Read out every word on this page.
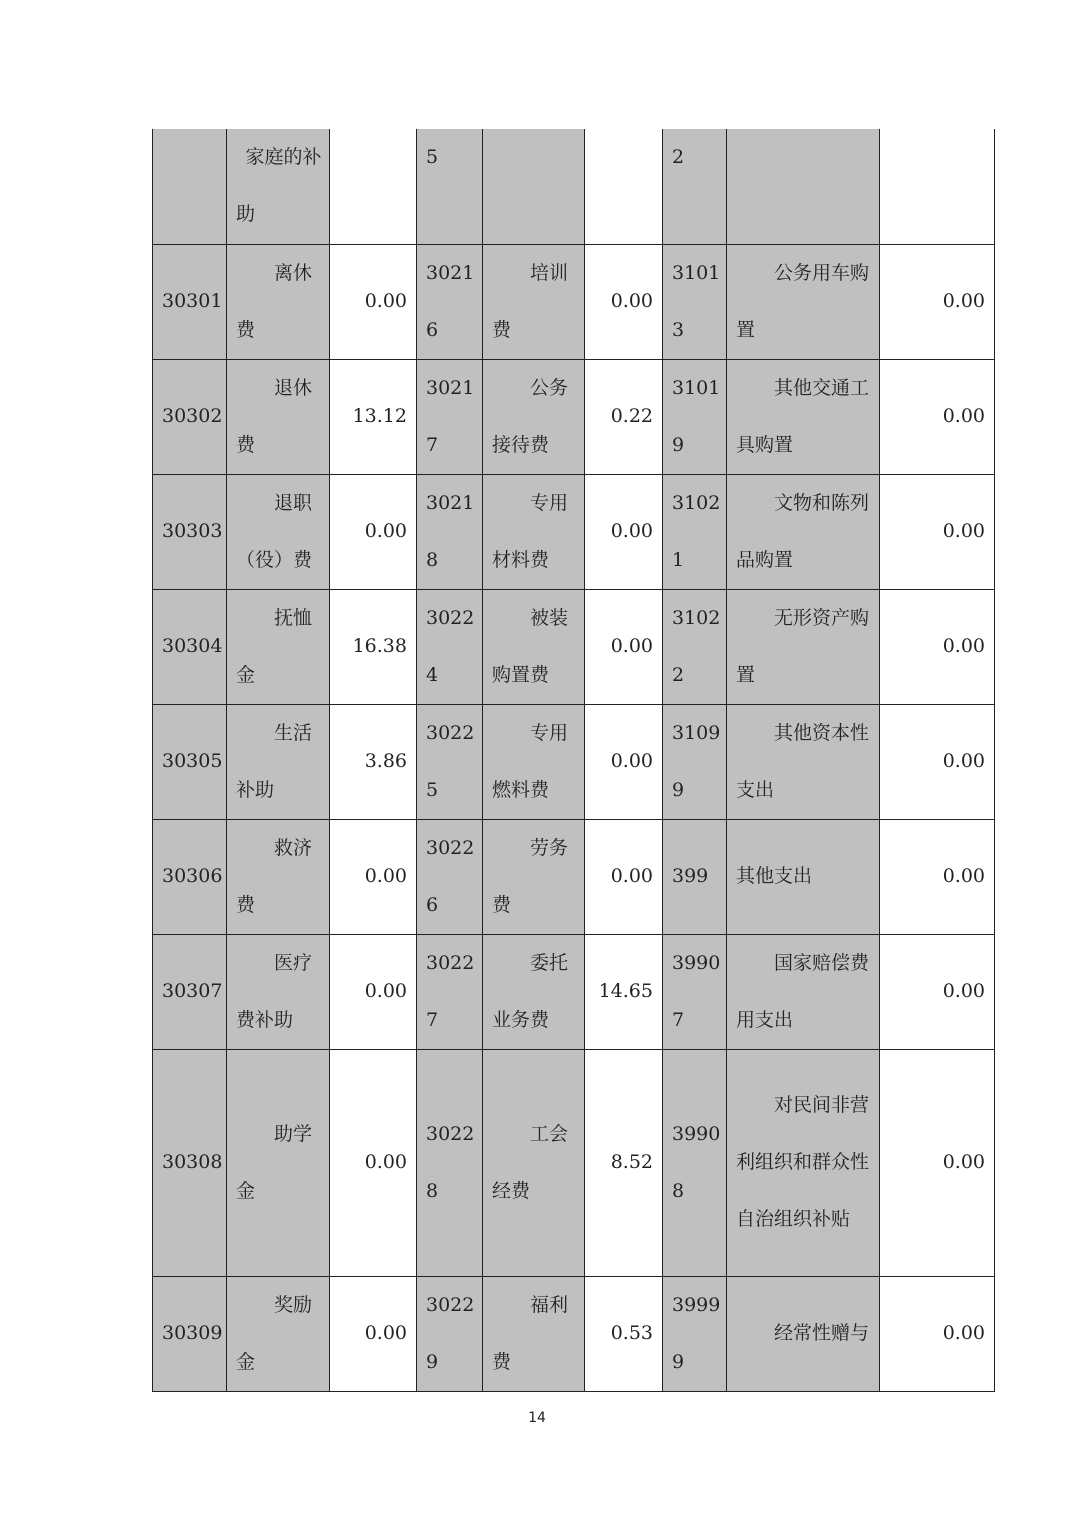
	家庭的补助		5			2		
30301	离休费	0.00	30216	培训费	0.00	31013	公务用车购置	0.00
30302	退休费	13.12	30217	公务接待费	0.22	31019	其他交通工具购置	0.00
30303	退职（役）费	0.00	30218	专用材料费	0.00	31021	文物和陈列品购置	0.00
30304	抚恤金	16.38	30224	被装购置费	0.00	31022	无形资产购置	0.00
30305	生活补助	3.86	30225	专用燃料费	0.00	31099	其他资本性支出	0.00
30306	救济费	0.00	30226	劳务费	0.00	399	其他支出	0.00
30307	医疗费补助	0.00	30227	委托业务费	14.65	39907	国家赔偿费用支出	0.00
30308	助学金	0.00	30228	工会经费	8.52	39908	对民间非营利组织和群众性自治组织补贴	0.00
30309	奖励金	0.00	30229	福利费	0.53	39999	经常性赠与	0.00
14
